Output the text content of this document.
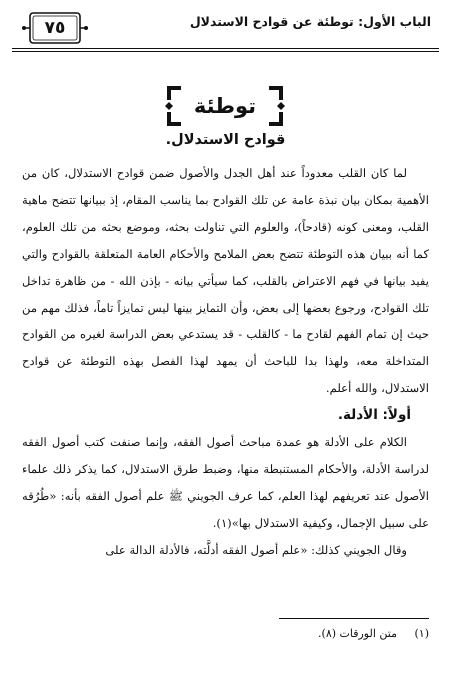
الباب الأول: توطئة عن قوادح الاستدلال
٧٥
توطئة
قوادح الاستدلال.

لما كان القلب معدوداً عند أهل الجدل والأصول ضمن قوادح الاستدلال، كان من الأهمية بمكان بيان نبذة عامة عن تلك القوادح بما يناسب المقام، إذ ببيانها تتضح ماهية القلب، ومعنى كونه (قادحاً)، والعلوم التي تناولت بحثه، وموضع بحثه من تلك العلوم، كما أنه ببيان هذه التوطئة تتضح بعض الملامح والأحكام العامة المتعلقة بالقوادح والتي يفيد بيانها في فهم الاعتراض بالقلب، كما سيأتي بيانه - بإذن الله - من ظاهرة تداخل تلك القوادح، ورجوع بعضها إلى بعض، وأن التمايز بينها ليس تمايزاً تاماً، فذلك مهم من حيث إن تمام الفهم لقادح ما - كالقلب - قد يستدعي بعض الدراسة لغيره من القوادح المتداخلة معه، ولهذا بدا للباحث أن يمهد لهذا الفصل بهذه التوطئة عن قوادح الاستدلال، والله أعلم.

أولاً: الأدلة.

الكلام على الأدلة هو عمدة مباحث أصول الفقه، وإنما صنفت كتب أصول الفقه لدراسة الأدلة، والأحكام المستنبطة منها، وضبط طرق الاستدلال، كما يذكر ذلك علماء الأصول عند تعريفهم لهذا العلم، كما عرف الجويني ﷺ علم أصول الفقه بأنه: «طُرُقه على سبيل الإجمال، وكيفية الاستدلال بها»(١).

وقال الجويني كذلك: «علم أصول الفقه أدلَّته، فالأدلة الدالة على

(١) متن الورقات (٨).
